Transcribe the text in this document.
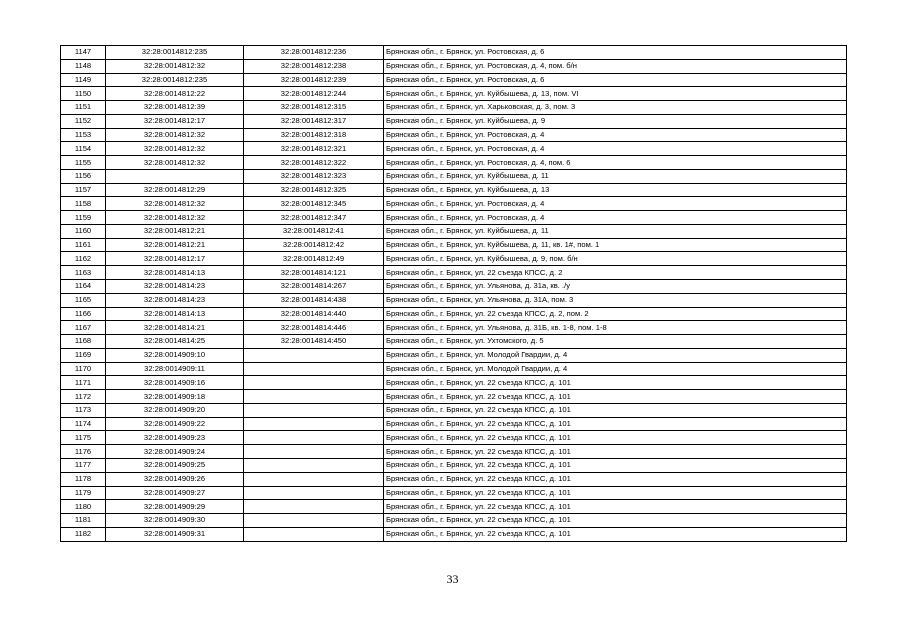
1147	32:28:0014812:235	32:28:0014812:236	Брянская обл., г. Брянск, ул. Ростовская, д. 6
1148	32:28:0014812:32	32:28:0014812:238	Брянская обл., г. Брянск, ул. Ростовская, д. 4, пом. б/н
1149	32:28:0014812:235	32:28:0014812:239	Брянская обл., г. Брянск, ул. Ростовская, д. 6
1150	32:28:0014812:22	32:28:0014812:244	Брянская обл., г. Брянск, ул. Куйбышева, д. 13, пом. VI
1151	32:28:0014812:39	32:28:0014812:315	Брянская обл., г. Брянск, ул. Харьковская, д. 3, пом. 3
1152	32:28:0014812:17	32:28:0014812:317	Брянская обл., г. Брянск, ул. Куйбышева, д. 9
1153	32:28:0014812:32	32:28:0014812:318	Брянская обл., г. Брянск, ул. Ростовская, д. 4
1154	32:28:0014812:32	32:28:0014812:321	Брянская обл., г. Брянск, ул. Ростовская, д. 4
1155	32:28:0014812:32	32:28:0014812:322	Брянская обл., г. Брянск, ул. Ростовская, д. 4, пом. 6
1156		32:28:0014812:323	Брянская обл., г. Брянск, ул. Куйбышева, д. 11
1157	32:28:0014812:29	32:28:0014812:325	Брянская обл., г. Брянск, ул. Куйбышева, д. 13
1158	32:28:0014812:32	32:28:0014812:345	Брянская обл., г. Брянск, ул. Ростовская, д. 4
1159	32:28:0014812:32	32:28:0014812:347	Брянская обл., г. Брянск, ул. Ростовская, д. 4
1160	32:28:0014812:21	32:28:0014812:41	Брянская обл., г. Брянск, ул. Куйбышева, д. 11
1161	32:28:0014812:21	32:28:0014812:42	Брянская обл., г. Брянск, ул. Куйбышева, д. 11, кв. 1#, пом. 1
1162	32:28:0014812:17	32:28:0014812:49	Брянская обл., г. Брянск, ул. Куйбышева, д. 9, пом. б/н
1163	32:28:0014814:13	32:28:0014814:121	Брянская обл., г. Брянск, ул. 22 съезда КПСС, д. 2
1164	32:28:0014814:23	32:28:0014814:267	Брянская обл., г. Брянск, ул. Ульянова, д. 31а, кв. ./у
1165	32:28:0014814:23	32:28:0014814:438	Брянская обл., г. Брянск, ул. Ульянова, д. 31А, пом. 3
1166	32:28:0014814:13	32:28:0014814:440	Брянская обл., г. Брянск, ул. 22 съезда КПСС, д. 2, пом. 2
1167	32:28:0014814:21	32:28:0014814:446	Брянская обл., г. Брянск, ул. Ульянова, д. 31Б, кв. 1-8, пом. 1-8
1168	32:28:0014814:25	32:28:0014814:450	Брянская обл., г. Брянск, ул. Ухтомского, д. 5
1169	32:28:0014909:10		Брянская обл., г. Брянск, ул. Молодой Гвардии, д. 4
1170	32:28:0014909:11		Брянская обл., г. Брянск, ул. Молодой Гвардии, д. 4
1171	32:28:0014909:16		Брянская обл., г. Брянск, ул. 22 съезда КПСС, д. 101
1172	32:28:0014909:18		Брянская обл., г. Брянск, ул. 22 съезда КПСС, д. 101
1173	32:28:0014909:20		Брянская обл., г. Брянск, ул. 22 съезда КПСС, д. 101
1174	32:28:0014909:22		Брянская обл., г. Брянск, ул. 22 съезда КПСС, д. 101
1175	32:28:0014909:23		Брянская обл., г. Брянск, ул. 22 съезда КПСС, д. 101
1176	32:28:0014909:24		Брянская обл., г. Брянск, ул. 22 съезда КПСС, д. 101
1177	32:28:0014909:25		Брянская обл., г. Брянск, ул. 22 съезда КПСС, д. 101
1178	32:28:0014909:26		Брянская обл., г. Брянск, ул. 22 съезда КПСС, д. 101
1179	32:28:0014909:27		Брянская обл., г. Брянск, ул. 22 съезда КПСС, д. 101
1180	32:28:0014909:29		Брянская обл., г. Брянск, ул. 22 съезда КПСС, д. 101
1181	32:28:0014909:30		Брянская обл., г. Брянск, ул. 22 съезда КПСС, д. 101
1182	32:28:0014909:31		Брянская обл., г. Брянск, ул. 22 съезда КПСС, д. 101
33
